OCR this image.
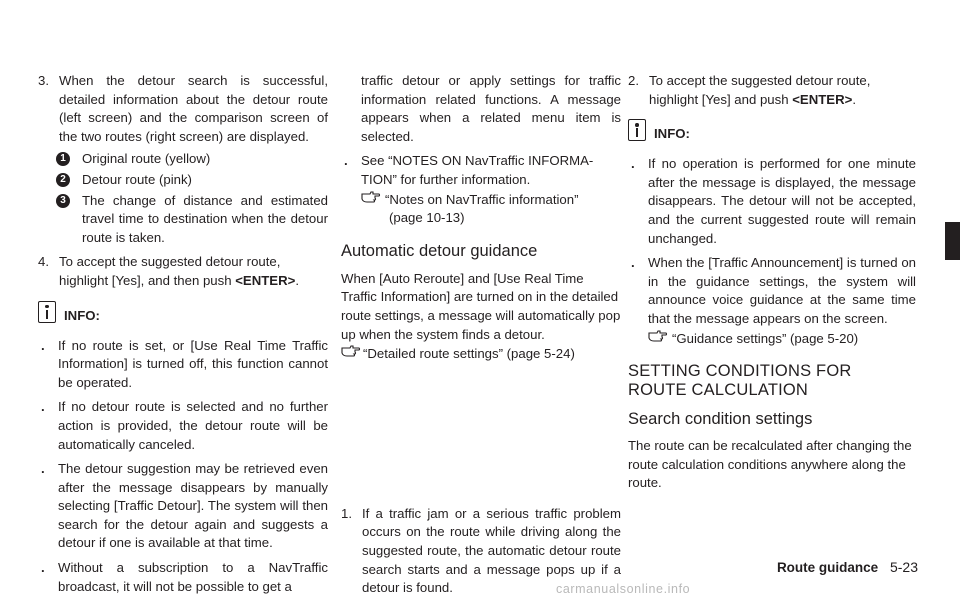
3. When the detour search is successful, detailed information about the detour route (left screen) and the comparison screen of the two routes (right screen) are displayed.
1	Original route (yellow)
2	Detour route (pink)
3	The change of distance and estimated travel time to destination when the detour route is taken.
4. To accept the suggested detour route, highlight [Yes], and then push <ENTER>.
INFO:
. If no route is set, or [Use Real Time Traffic Information] is turned off, this function cannot be operated.
. If no detour route is selected and no further action is provided, the detour route will be automatically canceled.
. The detour suggestion may be retrieved even after the message disappears by manually selecting [Traffic Detour]. The system will then search for the detour again and suggests a detour if one is available at that time.
. Without a subscription to a NavTraffic broadcast, it will not be possible to get a

traffic detour or apply settings for traffic information related functions. A message appears when a related menu item is selected.

. See “NOTES ON NavTraffic INFORMA-TION” for further information.
“Notes on NavTraffic information”
(page 10-13)
Automatic detour guidance

When [Auto Reroute] and [Use Real Time Traffic Information] are turned on in the detailed route settings, a message will automatically pop up when the system finds a detour.

“Detailed route settings” (page 5-24)
1. If a traffic jam or a serious traffic problem occurs on the route while driving along the suggested route, the automatic detour route search starts and a message pops up if a detour is found.
2. To accept the suggested detour route, highlight [Yes] and push <ENTER>.
INFO:
. If no operation is performed for one minute after the message is displayed, the message disappears. The detour will not be accepted, and the current suggested route will remain unchanged.
. When the [Traffic Announcement] is turned on in the guidance settings, the system will announce voice guidance at the same time that the message appears on the screen.
“Guidance settings” (page 5-20)
SETTING CONDITIONS FOR ROUTE CALCULATION
Search condition settings

The route can be recalculated after changing the route calculation conditions anywhere along the route.

Route guidance 5-23
carmanualsonline.info
